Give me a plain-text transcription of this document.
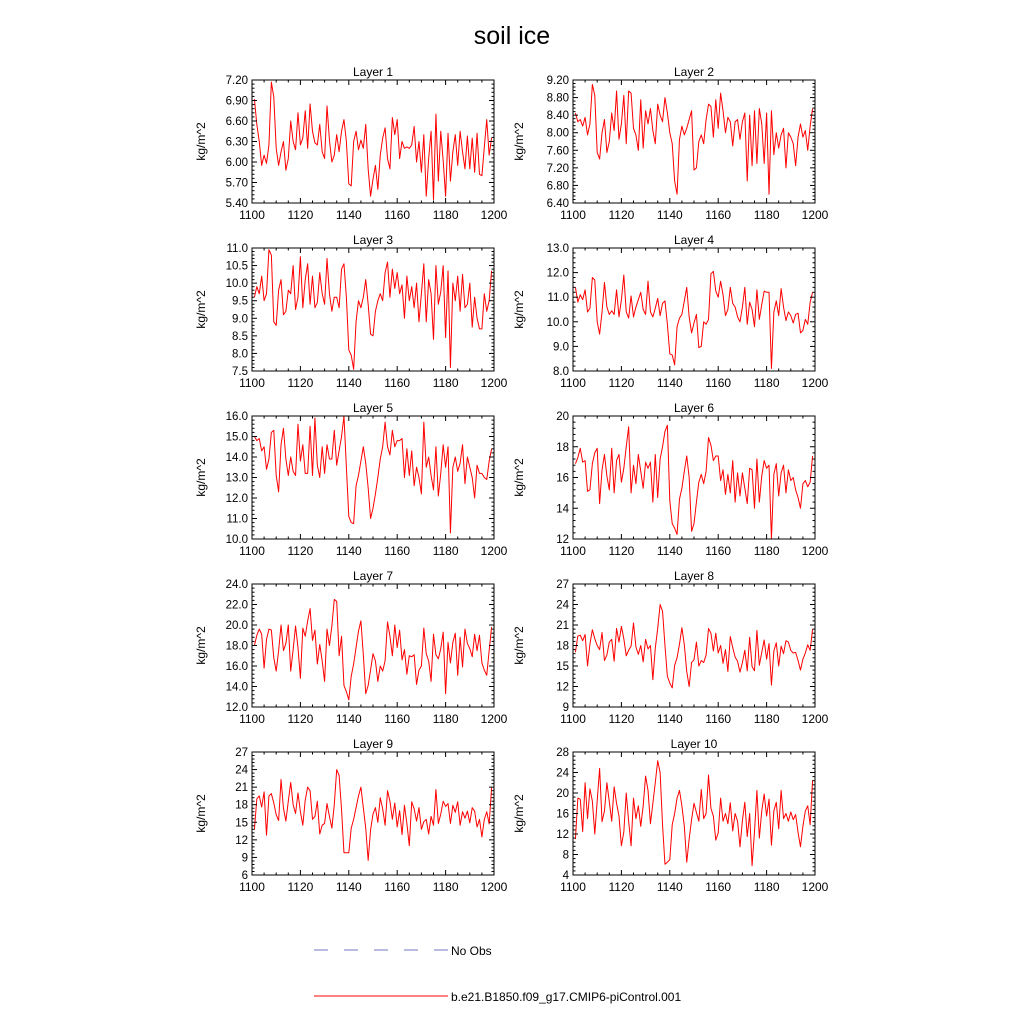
soil ice
1100 1120 1140 1160 1180 1200
5.40
5.70
6.00
6.30
6.60
6.90
7.20
Layer 1
kg/m^2
1100 1120 1140 1160 1180 1200
6.40
6.80
7.20
7.60
8.00
8.40
8.80
9.20
Layer 2
kg/m^2
1100 1120 1140 1160 1180 1200
7.5
8.0
8.5
9.0
9.5
10.0
10.5
11.0
Layer 3
kg/m^2
1100 1120 1140 1160 1180 1200
8.0
9.0
10.0
11.0
12.0
13.0
Layer 4
kg/m^2
1100 1120 1140 1160 1180 1200
10.0
11.0
12.0
13.0
14.0
15.0
16.0
Layer 5
kg/m^2
1100 1120 1140 1160 1180 1200
12
14
16
18
20
Layer 6
kg/m^2
1100 1120 1140 1160 1180 1200
12.0
14.0
16.0
18.0
20.0
22.0
24.0
Layer 7
kg/m^2
1100 1120 1140 1160 1180 1200
9
12
15
18
21
24
27
Layer 8
kg/m^2
1100 1120 1140 1160 1180 1200
6
9
12
15
18
21
24
27
Layer 9
kg/m^2
1100 1120 1140 1160 1180 1200
4
8
12
16
20
24
28
Layer 10
kg/m^2
No Obs
b.e21.B1850.f09_g17.CMIP6-piControl.001
